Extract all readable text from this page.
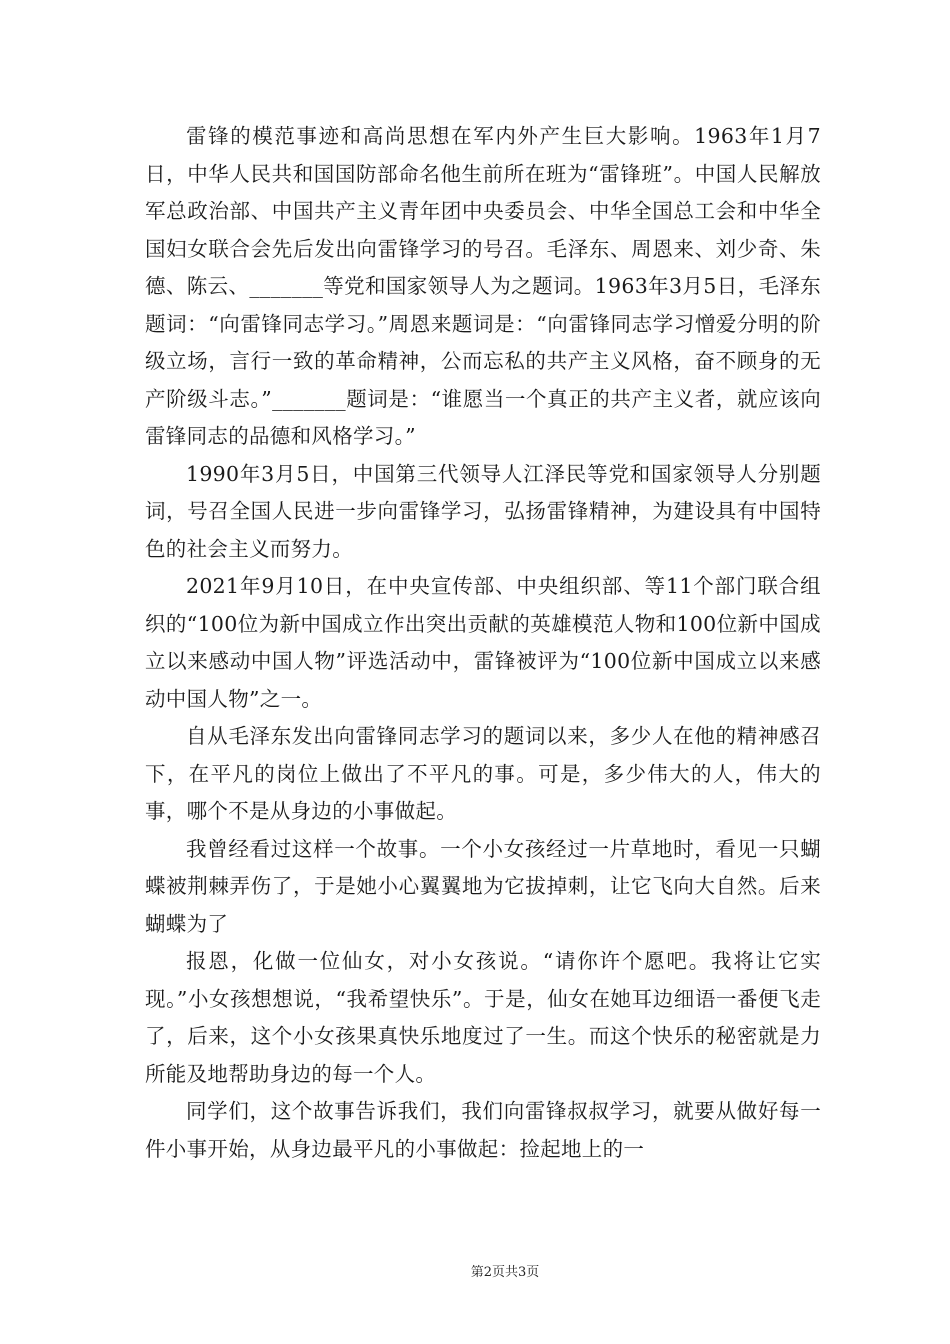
雷锋的模范事迹和高尚思想在军内外产生巨大影响。1963年1月7日，中华人民共和国国防部命名他生前所在班为“雷锋班”。中国人民解放军总政治部、中国共产主义青年团中央委员会、中华全国总工会和中华全国妇女联合会先后发出向雷锋学习的号召。毛泽东、周恩来、刘少奇、朱德、陈云、_______等党和国家领导人为之题词。1963年3月5日，毛泽东题词：“向雷锋同志学习。”周恩来题词是：“向雷锋同志学习憎爱分明的阶级立场，言行一致的革命精神，公而忘私的共产主义风格，奋不顾身的无产阶级斗志。”_______题词是：“谁愿当一个真正的共产主义者，就应该向雷锋同志的品德和风格学习。”

1990年3月5日，中国第三代领导人江泽民等党和国家领导人分别题词，号召全国人民进一步向雷锋学习，弘扬雷锋精神，为建设具有中国特色的社会主义而努力。

2021年9月10日，在中央宣传部、中央组织部、等11个部门联合组织的“100位为新中国成立作出突出贡献的英雄模范人物和100位新中国成立以来感动中国人物”评选活动中，雷锋被评为“100位新中国成立以来感动中国人物”之一。

自从毛泽东发出向雷锋同志学习的题词以来，多少人在他的精神感召下，在平凡的岗位上做出了不平凡的事。可是，多少伟大的人，伟大的事，哪个不是从身边的小事做起。

我曾经看过这样一个故事。一个小女孩经过一片草地时，看见一只蝴蝶被荆棘弄伤了，于是她小心翼翼地为它拔掉刺，让它飞向大自然。后来蝴蝶为了

报恩，化做一位仙女，对小女孩说。“请你许个愿吧。我将让它实现。”小女孩想想说，“我希望快乐”。于是，仙女在她耳边细语一番便飞走了，后来，这个小女孩果真快乐地度过了一生。而这个快乐的秘密就是力所能及地帮助身边的每一个人。

同学们，这个故事告诉我们，我们向雷锋叔叔学习，就要从做好每一件小事开始，从身边最平凡的小事做起：捡起地上的一

第2页共3页
